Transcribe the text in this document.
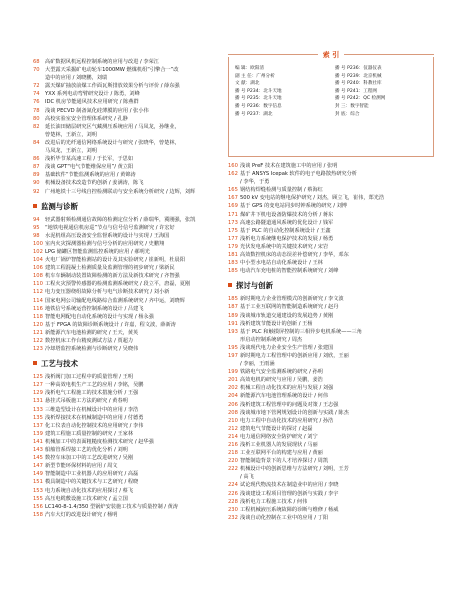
68 高矿数据风机远程控制系统的应用与改进 / 李荣江
70 大型露天采掘矿电动轮车1000MW 燃煤机组“引擎合一”改
造中的应用 / 刘晓鹏，刘瑞
72 露天煤矿抽放前煤工作面瓦斯排放效果分析与评价 / 薛东强
74 YXX 系列电动弯臂研究设计 / 陈勇，刘峰
76 IDC 机房节能通风技术应用研究 / 陈燕群
78 浅谈 PECVD 制备氮化硅薄膜的应用 / 张小伟
80 高校实验室安全管理体系研究 / 孔静
82 延长油田储层研究区气藏测压系统应用 / 马凤龙，孙继业，
曾楚林，王新立，刘明
84 改进后的光纤通信网络系统设计与研究 / 张晓华，曾楚林，
马凤龙，王新立，刘明
86 浅析毕节某高速工程 / 于长军，于思如
87 浅谈 GPT“电气节能维保应用”/ 黄立阳
89 基础软件“节能监测系统的应用 / 黄锦涛
90 机械设备技术改造节约创新 / 姜满涛，陈飞
92 广州地铁十三号线自控检测联动与安全系统分析研究 / 边辉，刘辉
监测与诊断
94 轻武器射频检测通信故障的检测定位分析 / 薛瑞华，冀刚强，张凯
95 “地铁电视通信机房巡”节点与信号信号监测研究 / 许宏好
98 水泥机组高压设备安全监督系统的设计与实现 / 王海国
100 室内火灾探测器检测与信号分析的应用研究 / 史鹏翔
102 LPG 储罐区智能监测监控系统的应用 / 郝明光
104 火电厂锅炉智能检测站的设计及其实验研究 / 崔新明，杜晨阳
106 建筑工程混凝土检测质量及监测管理的初步研究 / 梁新民
108 机车车辆制动装置故障检测的新方法及新技术研究 / 齐智强
110 工程火灾预警传感器的检测监测系统研究 / 段立平，唐磊，夏刚
112 电力变压器绕组故障分析与电气诊断技术研究 / 刘小新
114 国家电网公司输配电线路综合监测系统研究 / 齐中运，刘晓辉
116 地铁信号系统运营控制系统的设计 / 吕建飞
118 智能电网配电自动化系统的设计与实现 / 杨永强
120 基于 FPGA 的故障诊断系统设计 / 许嘉，程文波，薛新涛
121 新能源汽车电池检测的研究 / 王天，黄英
122 数控机床工作台精度测试方法 / 贾超力
123 冷却塔监控系统检测与诊断研究 / 吴晓伟
工艺与技术
125 浅析阀门加工过程中的质量管理 / 王明
127 一种高效电机生产工艺的应用 / 李铭，吴鹏
129 浅析电气工程施工的技术措施分析 / 王强
131 悬挂式吊板施工方法的研究 / 黄春明
133 三维造型设计在机械设计中的应用 / 李浩
135 浅析焊接技术在机械制造中的应用 / 付德勇
137 化工仪表自动化控制技术的应用研究 / 李伟
139 建筑工程施工质量控制的研究 / 王家林
141 机械加工中的表面粗糙度检测技术研究 / 赵华强
143 船舶管系焊接工艺的优化分析 / 刘明
145 数控车床加工中的工艺改进研究 / 吴刚
147 新型节能环保材料的应用 / 周文
149 智能制造中工业机器人的应用研究 / 高磊
151 模具制造中的关键技术与工艺研究 / 程晓
153 电力系统自动化技术的应用探讨 / 蔡飞
155 高压电缆敷设施工技术研究 / 孟立国
156 LC140-8-1.4/350 型锅炉安装施工技术与质量控制 / 黄涛
158 汽车大灯的改进设计研究 / 杨明
索 引
编 辑：欧阳清	播 号 P236：仪器仪表
副 主 任：广州分析	播 号 P239：北京机械
文 献：湖北	播 号 P240：科教社库
播 号 P234：北斗天地	播 号 P241：工程网
播 号 P235：北斗天地	播 号 P242：QC 检测网
播 号 P236：数字信息	封 三：数字智能
播 号 P237：湖北	封 底：综合
160 浅谈 PreF 技术在建筑施工中的应用 / 张明
162 基于 ANSYS Icepak 软件的电子电路散热研究分析
/ 李华，于勇
165 钢结构焊缝检测与质量控制 / 蔡海红
167 500 kV 变电站的继电保护研究 / 刘杰，顾立飞，崔伟，郑光浩
169 基于 GPS 的变电站同步时钟系统的研究 / 刘博
171 煤矿井下机电设备防爆技术的分析 / 蒋东
173 高速公路隧道通风系统的优化设计 / 钱军
175 基于 PLC 的自动化控制系统设计 / 王鑫
177 浅析电力系统继电保护技术的发展 / 杨勇
179 光伏发电系统中的关键技术研究 / 宋岩
181 高效数控机床的动态误差补偿研究 / 李华，邓东
183 中小型水电站自动化系统设计 / 王林
185 电动汽车充电桩的智能控制系统研究 / 刘峰
探讨与创新
185 新时期电力企业管理模式的创新研究 / 李文波
187 基于工业互联网的智能制造系统研究 / 赵丹
189 浅谈城市轨道交通建设的发展趋势 / 黄刚
191 浅析建筑节能设计的创新 / 王杨
193 基于 PLC 和触摸屏控制的三相异步电机系统——三角
形启动控制系统研究 / 周杰
195 浅谈现代电力企业安全生产管理 / 张建国
197 新时期电力工程管理中的创新应用 / 刘欣，王丽
/ 李丽，王雨涵
199 铁路电气安全监测系统的研究 / 孙明
201 高效电机的研究与应用 / 吴鹏，姜浩
202 机械工程自动化技术的应用与发展 / 刘强
204 新能源汽车电池管理系统的设计 / 何伟
206 浅析建筑工程管理中的问题及对策 / 王志强
208 浅谈城市地下管网规划设计的创新与实践 / 陈杰
210 电力工程中自动化技术的应用研究 / 孙浩
212 建筑电气节能设计的探讨 / 赵磊
214 电力通信网络安全防护研究 / 刘宁
216 浅析工业机器人的发展现状 / 马丽
218 工业互联网平台的构建与应用 / 黄丽
220 智能制造背景下的人才培养探讨 / 周凯
222 机械设计中的创新思维与方法研究 / 刘明，王芳
/ 高飞
224 试论现代物流技术在制造业中的应用 / 李晓
226 浅谈建设工程项目管理的创新与实践 / 李宇
228 浅析电力工程施工技术 / 何伟
230 工程机械液压系统故障的诊断与维修 / 杨威
232 浅谈自动化控制在工业中的应用 / 丁阳
